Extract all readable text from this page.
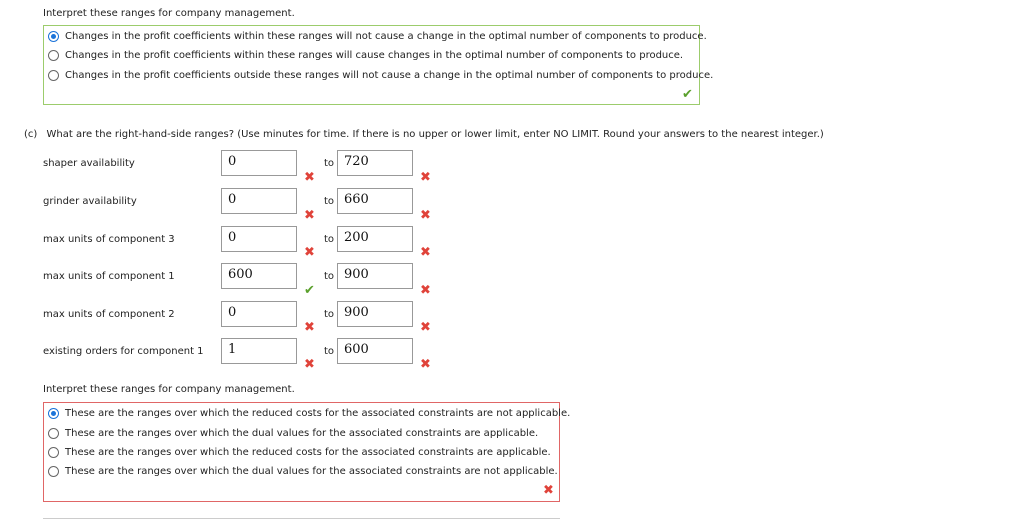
Interpret these ranges for company management.
Changes in the profit coefficients within these ranges will not cause a change in the optimal number of components to produce.
Changes in the profit coefficients within these ranges will cause changes in the optimal number of components to produce.
Changes in the profit coefficients outside these ranges will not cause a change in the optimal number of components to produce.
✔
(c) What are the right-hand-side ranges? (Use minutes for time. If there is no upper or lower limit, enter NO LIMIT. Round your answers to the nearest integer.)
shaper availability	0
✖
to 720
✖
grinder availability	0
✖
to 660
✖
max units of component 3	0
✖
to 200
✖
max units of component 1	600
✔
to 900
✖
max units of component 2	0
✖
to 900
✖
existing orders for component 1	1
✖
to 600
✖
Interpret these ranges for company management.
These are the ranges over which the reduced costs for the associated constraints are not applicable.
These are the ranges over which the dual values for the associated constraints are applicable.
These are the ranges over which the reduced costs for the associated constraints are applicable.
These are the ranges over which the dual values for the associated constraints are not applicable.
✖
